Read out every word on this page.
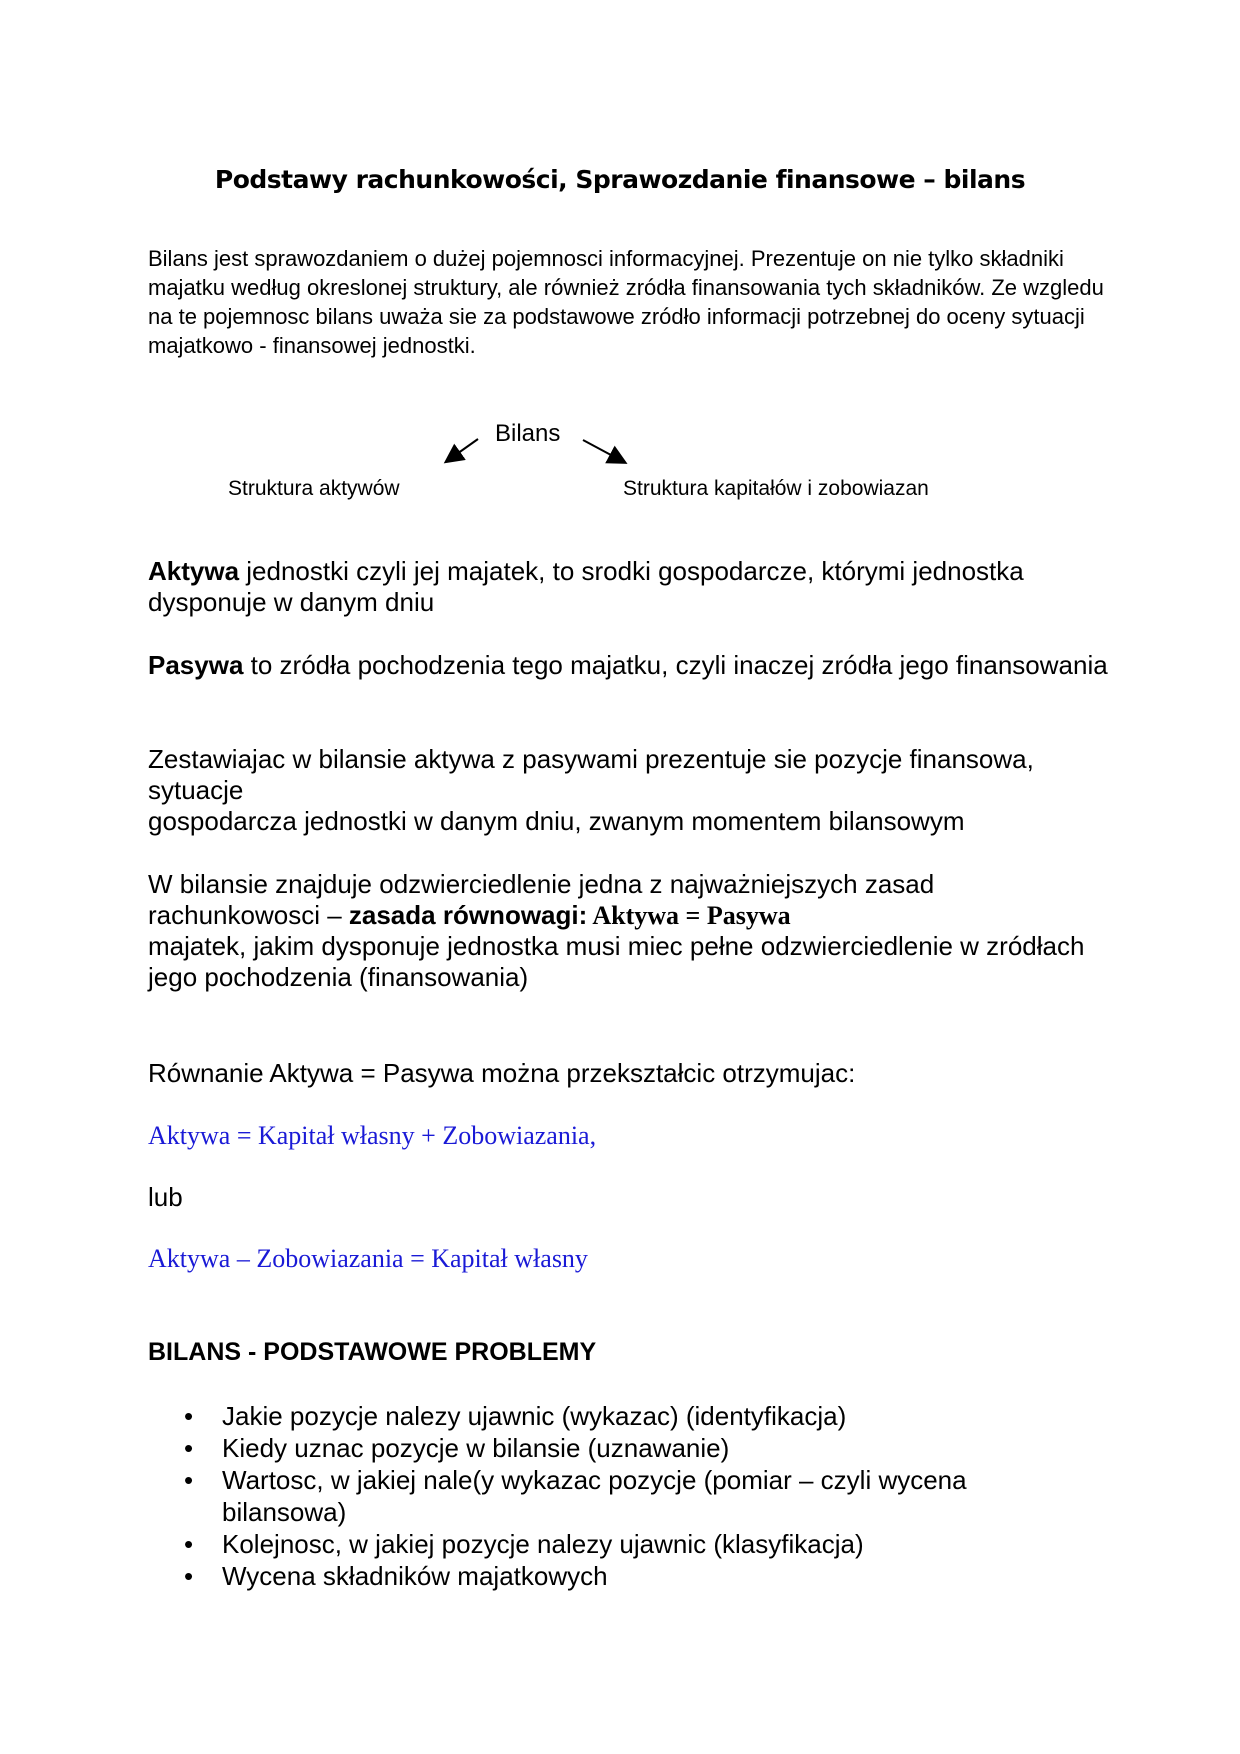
Podstawy rachunkowości, Sprawozdanie finansowe – bilans

Bilans jest sprawozdaniem o dużej pojemnosci informacyjnej. Prezentuje on nie tylko składniki majatku według okreslonej struktury, ale również zródła finansowania tych składników. Ze wzgledu na te pojemnosc bilans uważa sie za podstawowe zródło informacji potrzebnej do oceny sytuacji majatkowo - finansowej jednostki.

Bilans
Struktura aktywów	Struktura kapitałów i zobowiazan

Aktywa jednostki czyli jej majatek, to srodki gospodarcze, którymi jednostka dysponuje w danym dniu

Pasywa to zródła pochodzenia tego majatku, czyli inaczej zródła jego finansowania

Zestawiajac w bilansie aktywa z pasywami prezentuje sie pozycje finansowa,
sytuacje
gospodarcza jednostki w danym dniu, zwanym momentem bilansowym
W bilansie znajduje odzwierciedlenie jedna z najważniejszych zasad
rachunkowosci – zasada równowagi: Aktywa = Pasywa
majatek, jakim dysponuje jednostka musi miec pełne odzwierciedlenie w zródłach
jego pochodzenia (finansowania)

Równanie Aktywa = Pasywa można przekształcic otrzymujac:

Aktywa = Kapitał własny + Zobowiazania,

lub

Aktywa – Zobowiazania = Kapitał własny

BILANS - PODSTAWOWE PROBLEMY
• Jakie pozycje nalezy ujawnic (wykazac) (identyfikacja)
• Kiedy uznac pozycje w bilansie (uznawanie)
• Wartosc, w jakiej nale(y wykazac pozycje (pomiar – czyli wycena bilansowa)
• Kolejnosc, w jakiej pozycje nalezy ujawnic (klasyfikacja)
• Wycena składników majatkowych
